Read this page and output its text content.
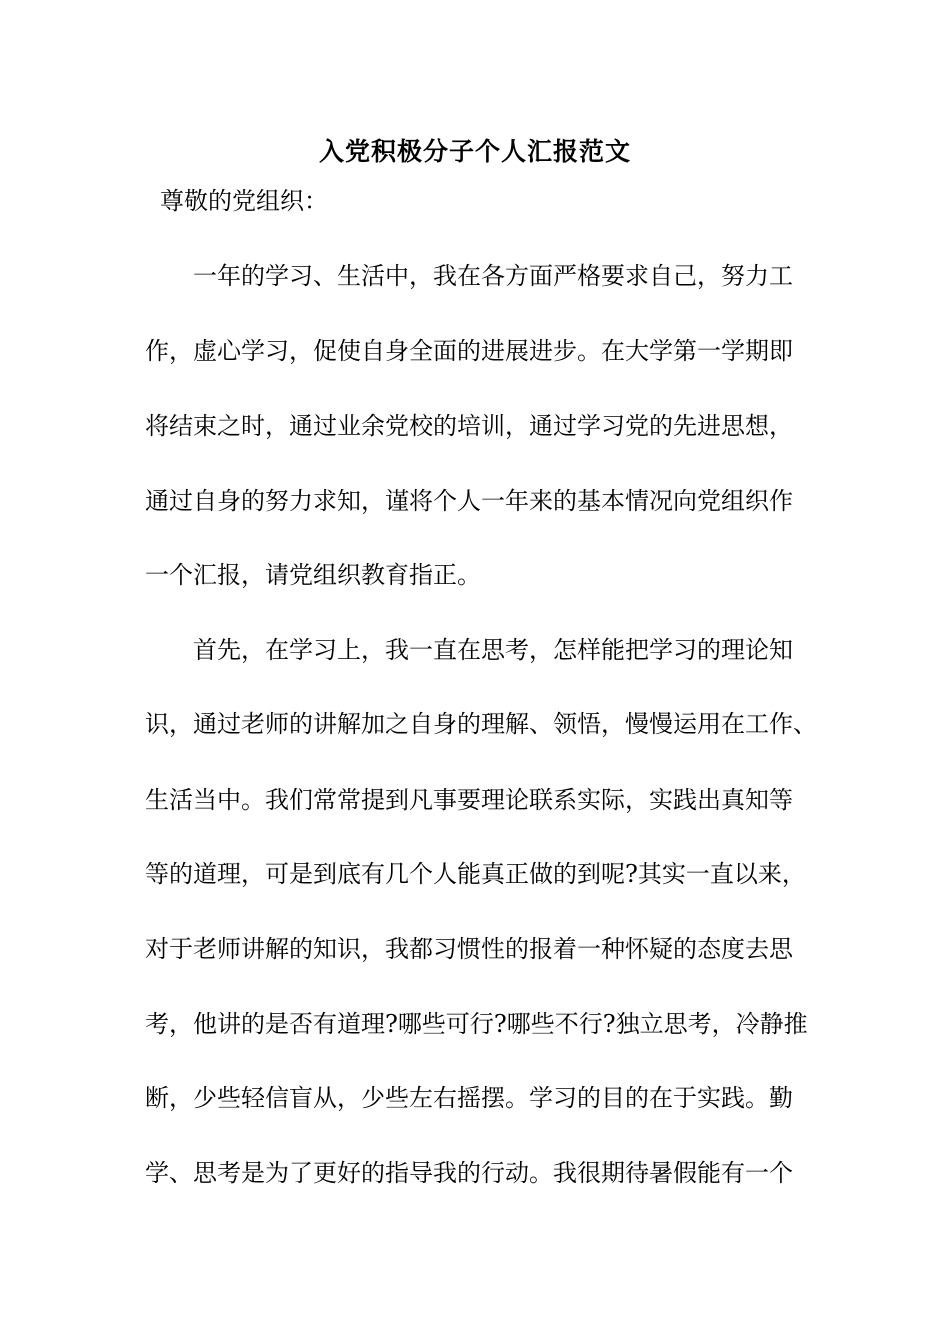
入党积极分子个人汇报范文
尊敬的党组织：
一年的学习、生活中，我在各方面严格要求自己，努力工
作，虚心学习，促使自身全面的进展进步。在大学第一学期即
将结束之时，通过业余党校的培训，通过学习党的先进思想，
通过自身的努力求知，谨将个人一年来的基本情况向党组织作
一个汇报，请党组织教育指正。
首先，在学习上，我一直在思考，怎样能把学习的理论知
识，通过老师的讲解加之自身的理解、领悟，慢慢运用在工作、
生活当中。我们常常提到凡事要理论联系实际，实践出真知等
等的道理，可是到底有几个人能真正做的到呢?其实一直以来，
对于老师讲解的知识，我都习惯性的报着一种怀疑的态度去思
考，他讲的是否有道理?哪些可行?哪些不行?独立思考，冷静推
断，少些轻信盲从，少些左右摇摆。学习的目的在于实践。勤
学、思考是为了更好的指导我的行动。我很期待暑假能有一个
